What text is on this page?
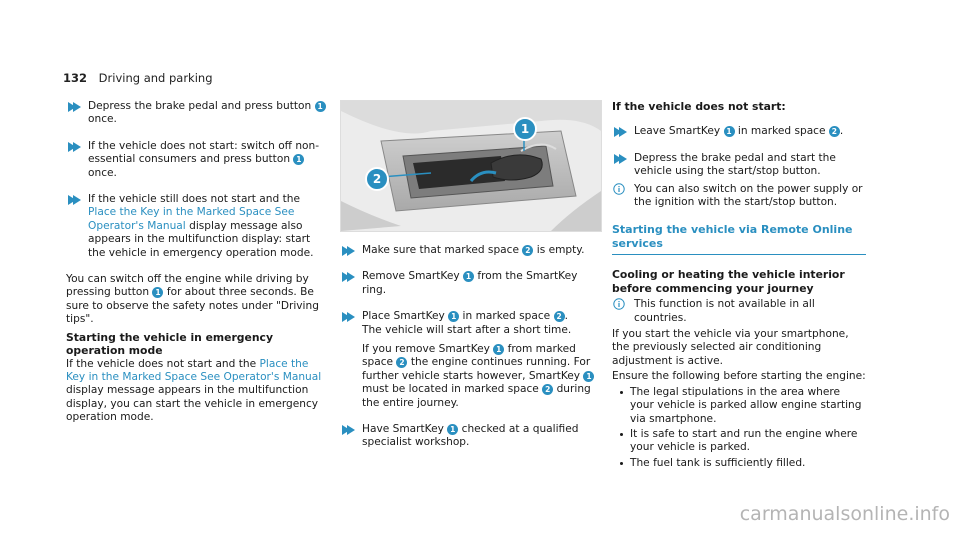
132 Driving and parking
Depress the brake pedal and press button 1 once.
If the vehicle does not start: switch off non-essential consumers and press button 1 once.
If the vehicle still does not start and the Place the Key in the Marked Space See Operator's Manual display message also appears in the multifunction display: start the vehicle in emergency operation mode.

You can switch off the engine while driving by pressing button 1 for about three seconds. Be sure to observe the safety notes under "Driving tips".

Starting the vehicle in emergency operation mode

If the vehicle does not start and the Place the Key in the Marked Space See Operator's Manual display message appears in the multifunction display, you can start the vehicle in emergency operation mode.

1
2
Make sure that marked space 2 is empty.
Remove SmartKey 1 from the SmartKey ring.
Place SmartKey 1 in marked space 2 .
The vehicle will start after a short time.
If you remove SmartKey 1 from marked space 2 the engine continues running. For further vehicle starts however, SmartKey 1 must be located in marked space 2 during the entire journey.
Have SmartKey 1 checked at a qualified specialist workshop.
If the vehicle does not start:
Leave SmartKey 1 in marked space 2 .
Depress the brake pedal and start the vehicle using the start/stop button.
You can also switch on the power supply or the ignition with the start/stop button.
Starting the vehicle via Remote Online services
Cooling or heating the vehicle interior before commencing your journey
This function is not available in all countries.

If you start the vehicle via your smartphone, the previously selected air conditioning adjustment is active.

Ensure the following before starting the engine:

The legal stipulations in the area where your vehicle is parked allow engine starting via smartphone.
It is safe to start and run the engine where your vehicle is parked.
The fuel tank is sufficiently filled.
carmanualsonline.info
